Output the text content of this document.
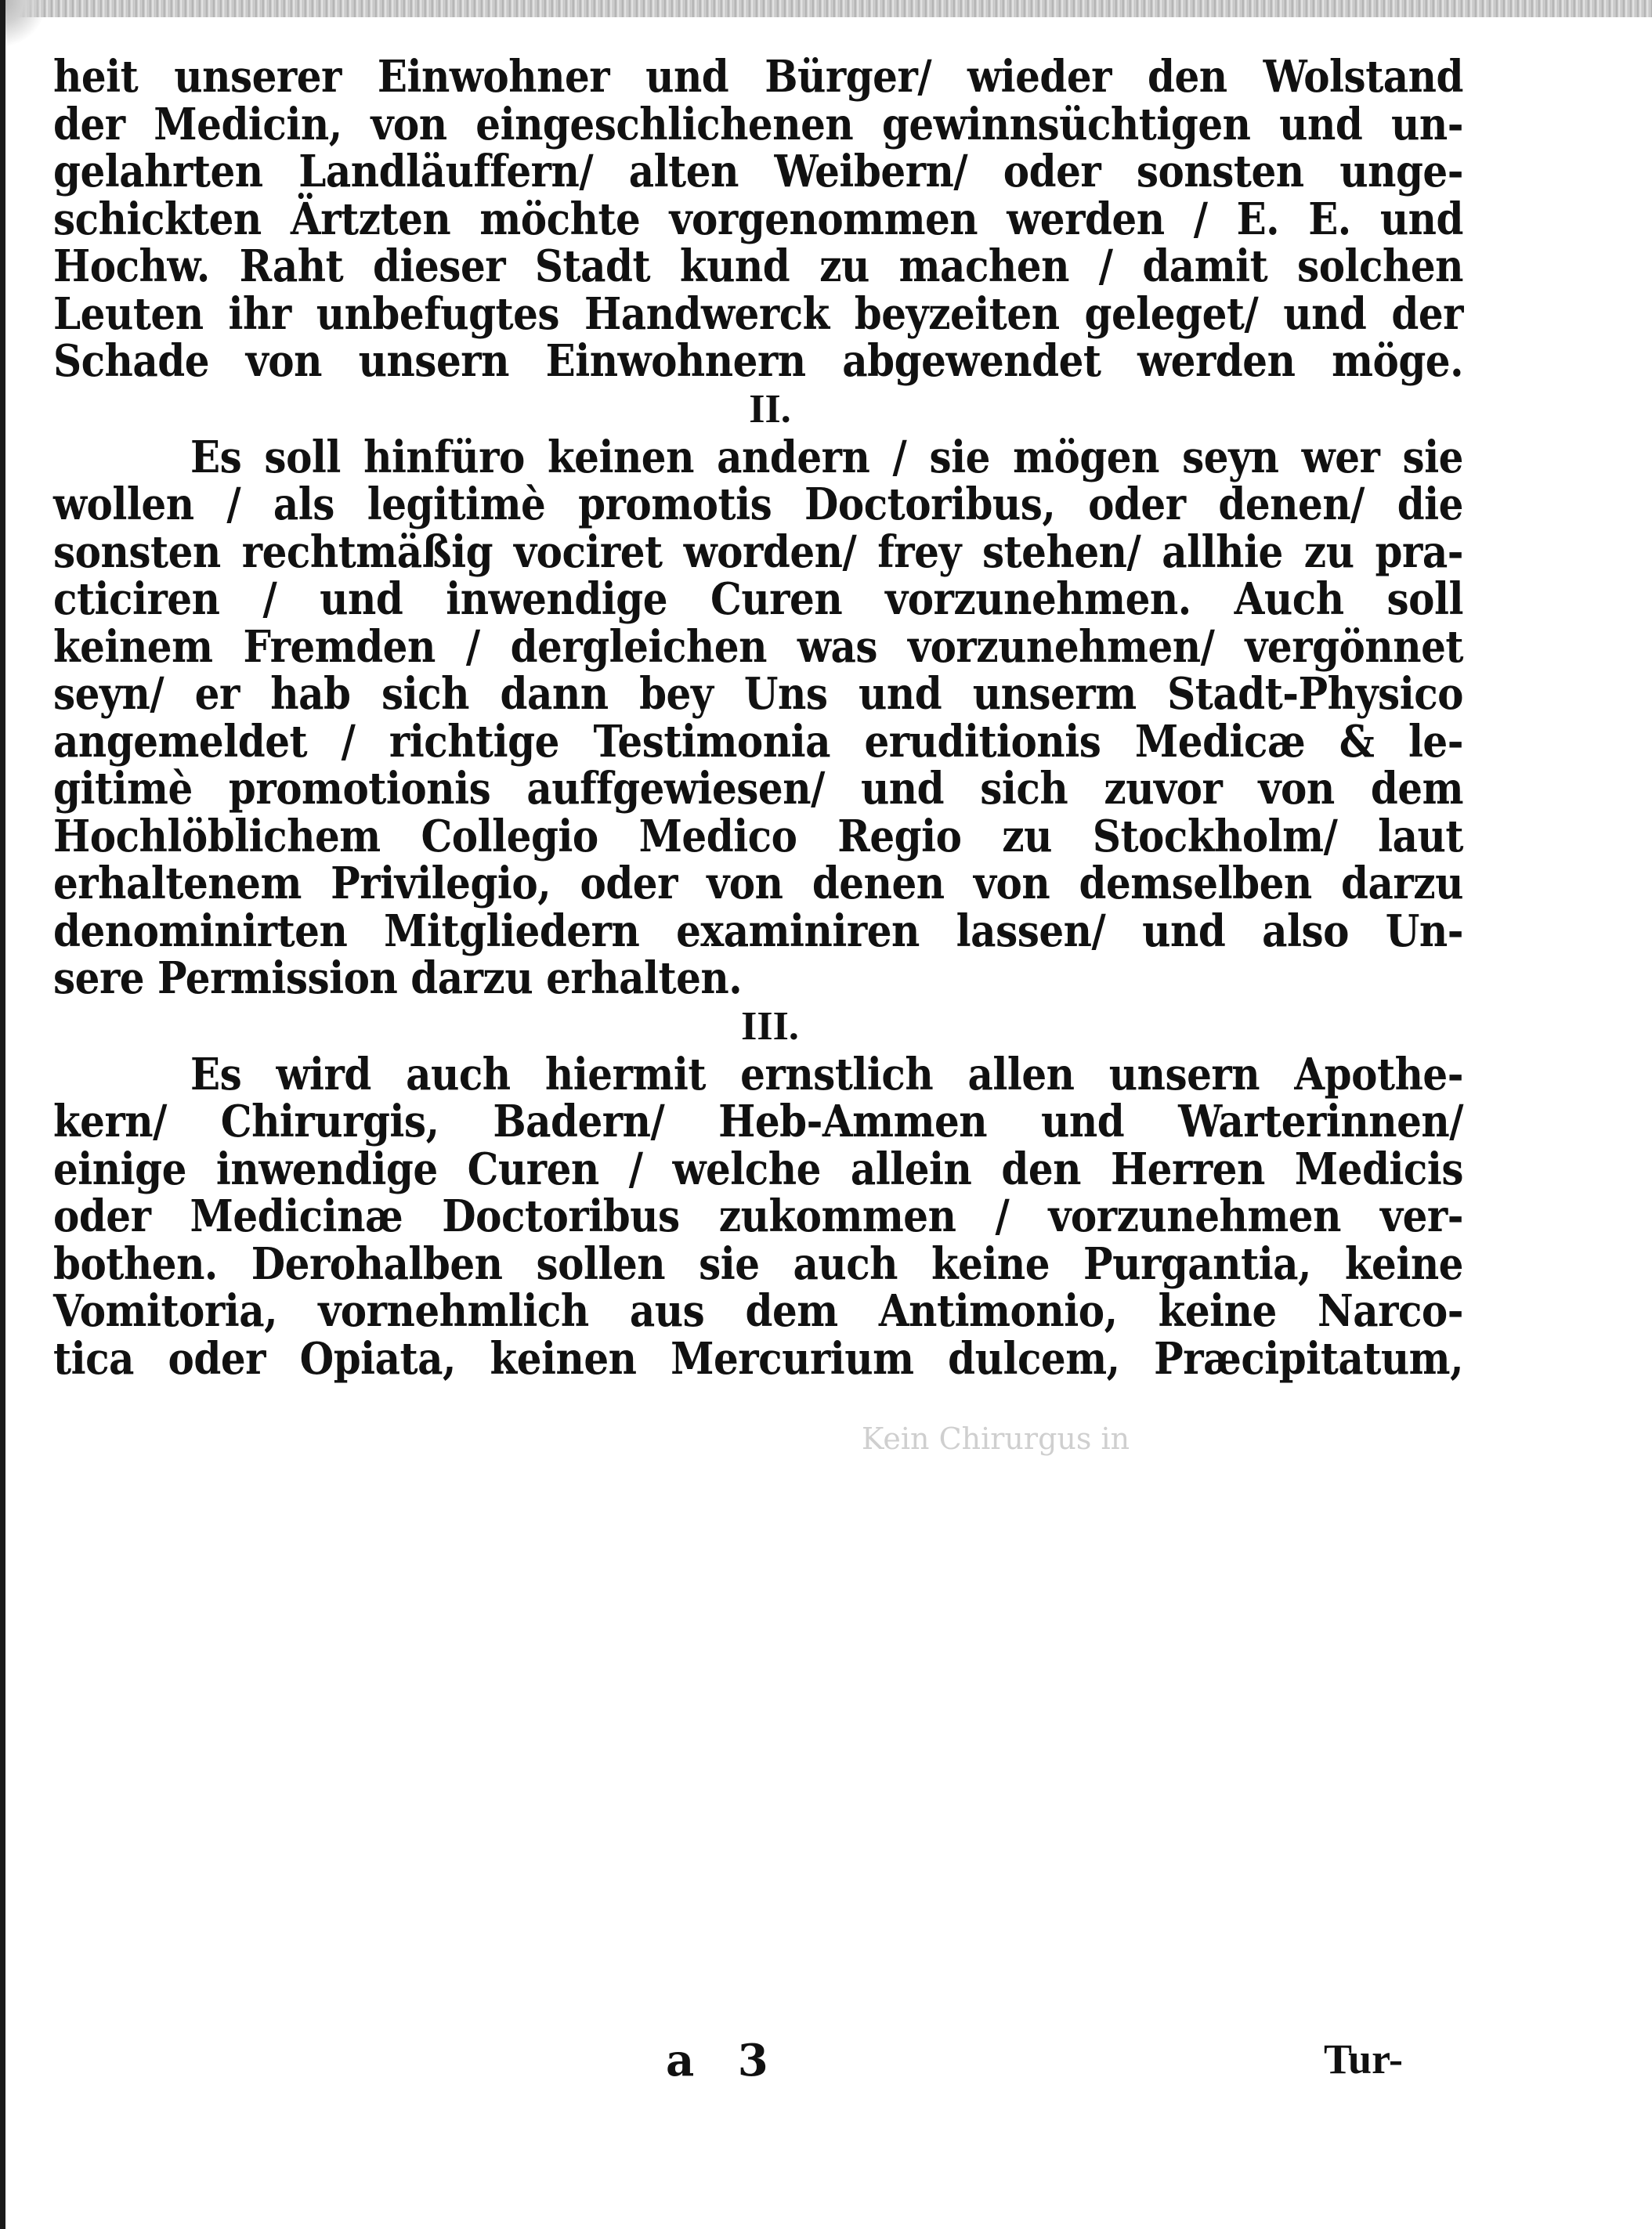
heit unserer Einwohner und Bürger/ wieder den Wolstand
der Medicin, von eingeschlichenen gewinnsüchtigen und un-
gelahrten Landläuffern/ alten Weibern/ oder sonsten unge-
schickten Ärtzten möchte vorgenommen werden / E. E. und
Hochw. Raht dieser Stadt kund zu machen / damit solchen
Leuten ihr unbefugtes Handwerck beyzeiten geleget/ und der
Schade von unsern Einwohnern abgewendet werden möge.
II.
Es soll hinfüro keinen andern / sie mögen seyn wer sie
wollen / als legitimè promotis Doctoribus, oder denen/ die
sonsten rechtmäßig vociret worden/ frey stehen/ allhie zu pra-
cticiren / und inwendige Curen vorzunehmen. Auch soll
keinem Fremden / dergleichen was vorzunehmen/ vergönnet
seyn/ er hab sich dann bey Uns und unserm Stadt-Physico
angemeldet / richtige Testimonia eruditionis Medicæ & le-
gitimè promotionis auffgewiesen/ und sich zuvor von dem
Hochlöblichem Collegio Medico Regio zu Stockholm/ laut
erhaltenem Privilegio, oder von denen von demselben darzu
denominirten Mitgliedern examiniren lassen/ und also Un-
sere Permission darzu erhalten.
III.
Es wird auch hiermit ernstlich allen unsern Apothe-
kern/ Chirurgis, Badern/ Heb-Ammen und Warterinnen/
einige inwendige Curen / welche allein den Herren Medicis
oder Medicinæ Doctoribus zukommen / vorzunehmen ver-
bothen. Derohalben sollen sie auch keine Purgantia, keine
Vomitoria, vornehmlich aus dem Antimonio, keine Narco-
tica oder Opiata, keinen Mercurium dulcem, Præcipitatum,
Kein Chirurgus in
a 3	Tur-
